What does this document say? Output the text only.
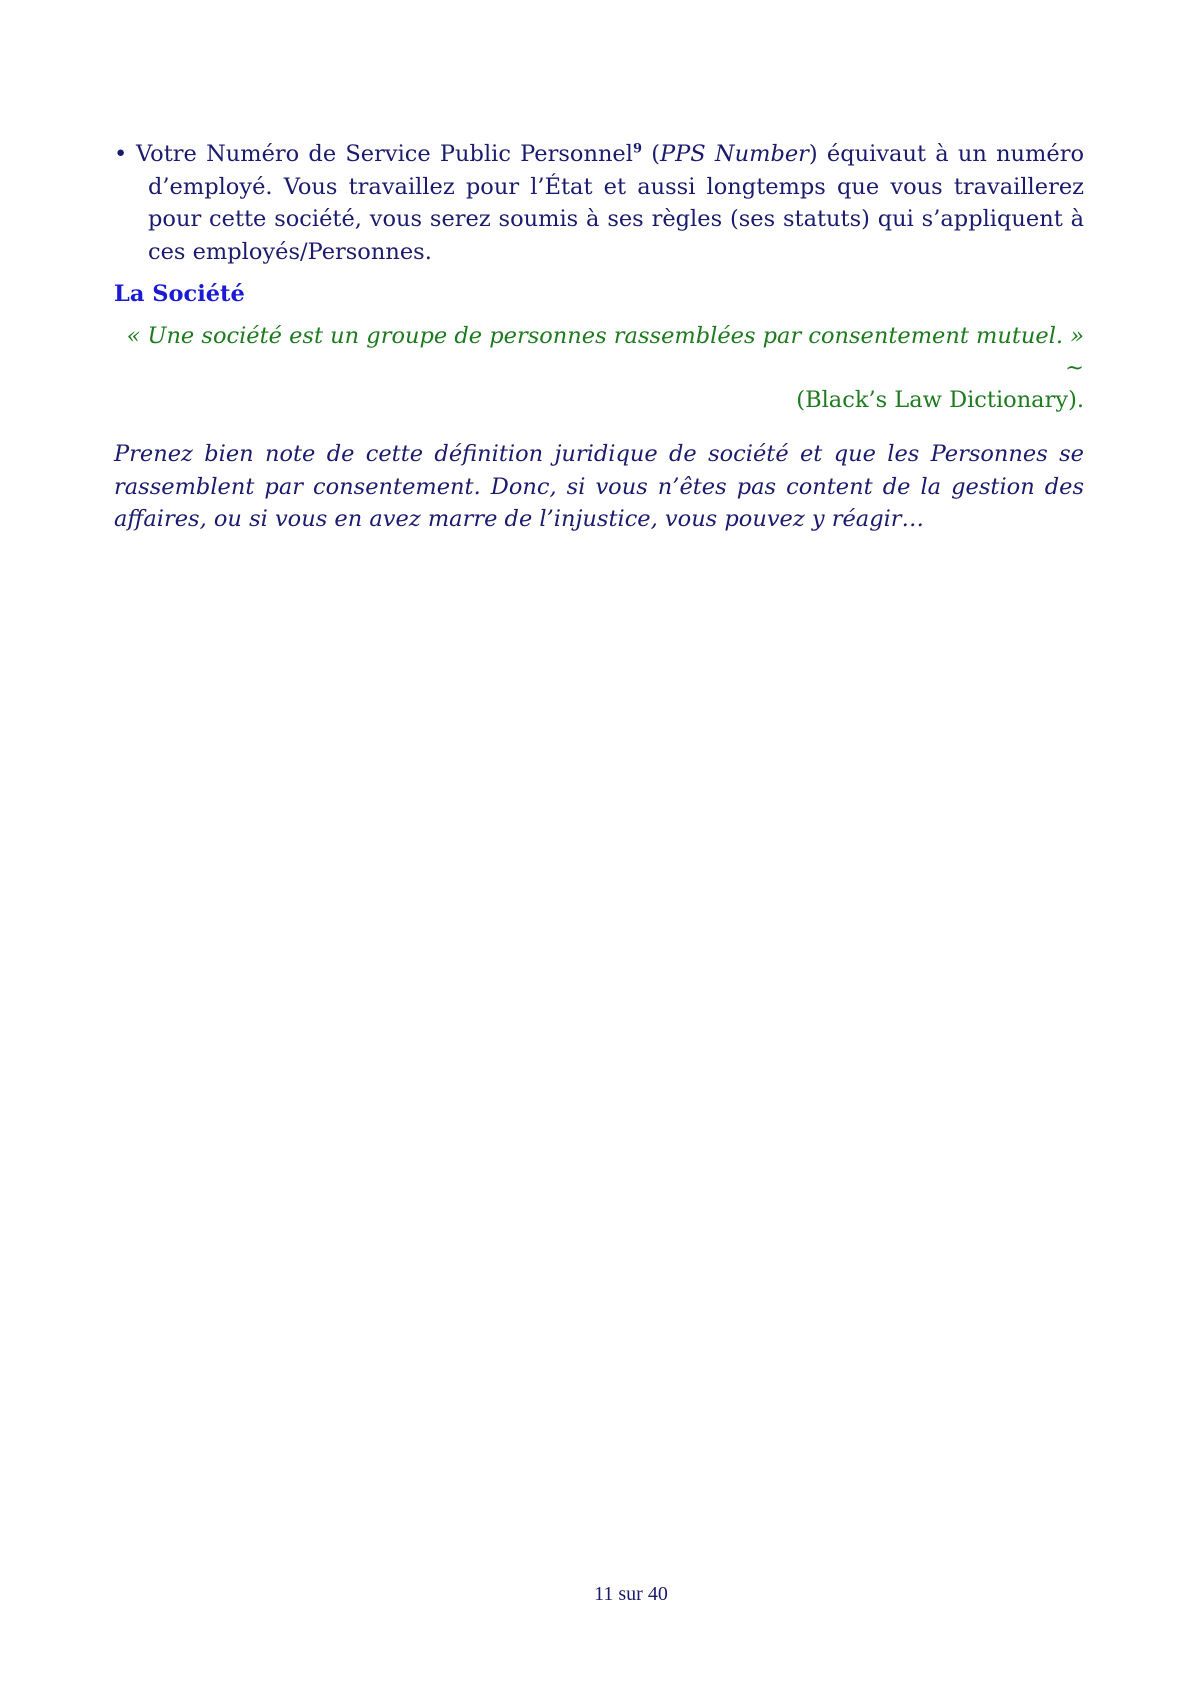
• Votre Numéro de Service Public Personnel$^9$ (PPS Number) équivaut à un numéro d’employé. Vous travaillez pour l’État et aussi longtemps que vous travaillerez pour cette société, vous serez soumis à ses règles (ses statuts) qui s’appliquent à ces employés/Personnes.

La Société
« Une société est un groupe de personnes rassemblées par consentement mutuel. » ~
(Black’s Law Dictionary).

Prenez bien note de cette définition juridique de société et que les Personnes se rassemblent par consentement. Donc, si vous n’êtes pas content de la gestion des affaires, ou si vous en avez marre de l’injustice, vous pouvez y réagir…

11 sur 40
